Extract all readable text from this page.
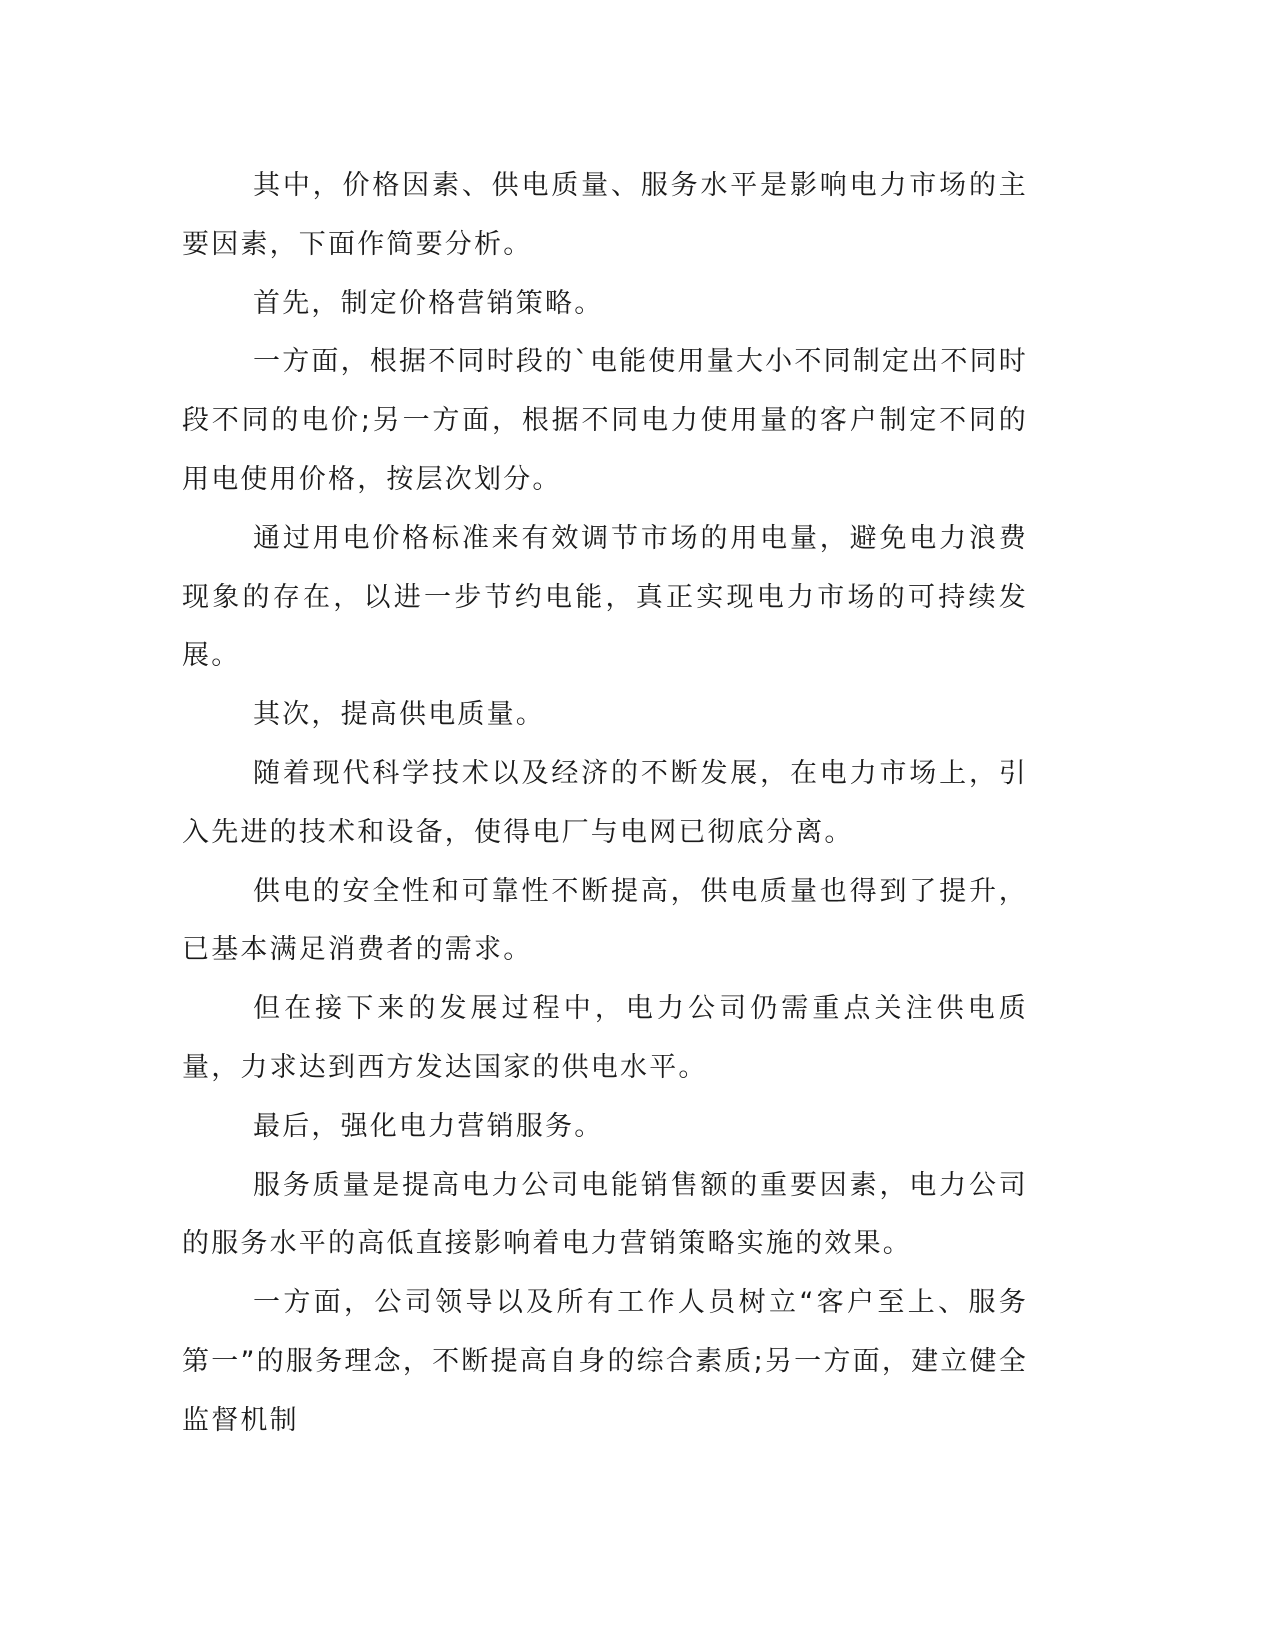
其中，价格因素、供电质量、服务水平是影响电力市场的主要因素，下面作简要分析。

首先，制定价格营销策略。

一方面，根据不同时段的`电能使用量大小不同制定出不同时段不同的电价;另一方面，根据不同电力使用量的客户制定不同的用电使用价格，按层次划分。

通过用电价格标准来有效调节市场的用电量，避免电力浪费现象的存在，以进一步节约电能，真正实现电力市场的可持续发展。

其次，提高供电质量。

随着现代科学技术以及经济的不断发展，在电力市场上，引入先进的技术和设备，使得电厂与电网已彻底分离。

供电的安全性和可靠性不断提高，供电质量也得到了提升，已基本满足消费者的需求。

但在接下来的发展过程中，电力公司仍需重点关注供电质量，力求达到西方发达国家的供电水平。

最后，强化电力营销服务。

服务质量是提高电力公司电能销售额的重要因素，电力公司的服务水平的高低直接影响着电力营销策略实施的效果。

一方面，公司领导以及所有工作人员树立“客户至上、服务第一”的服务理念，不断提高自身的综合素质;另一方面，建立健全监督机制
